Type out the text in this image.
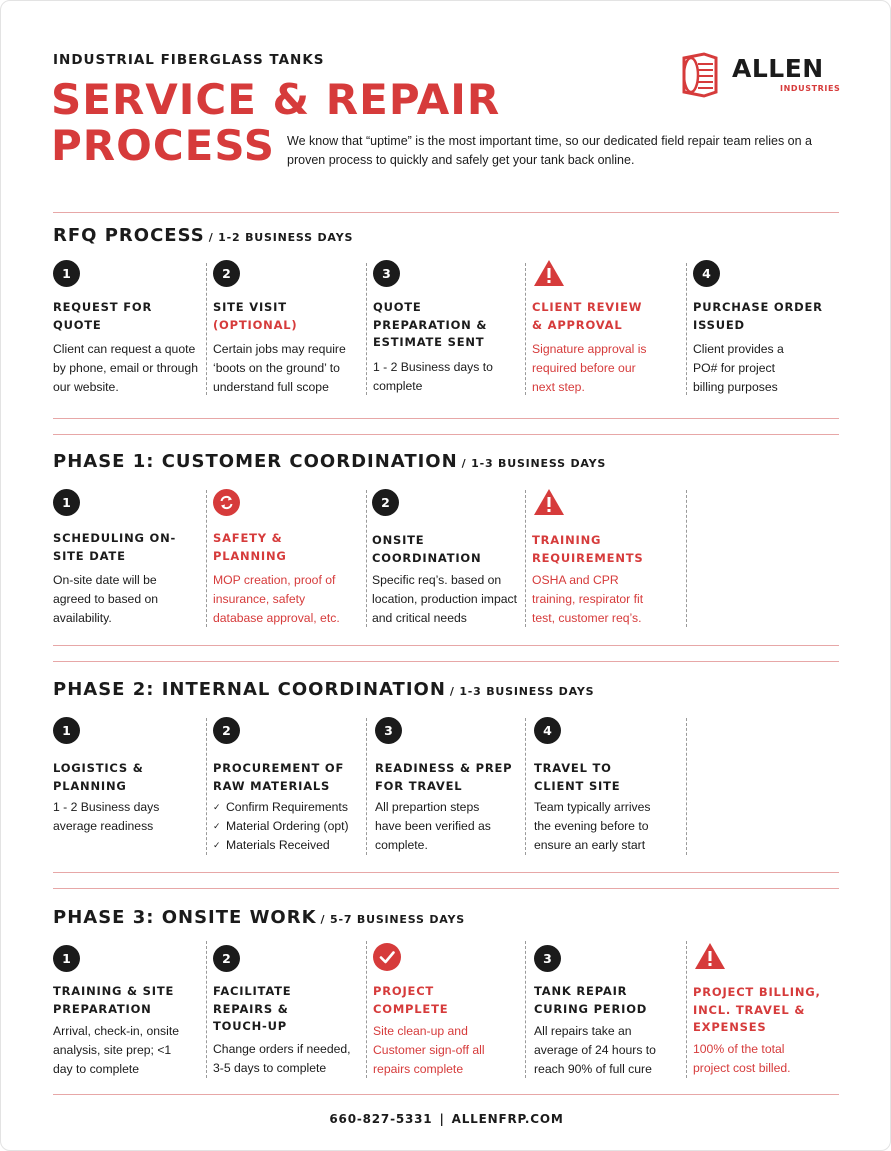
INDUSTRIAL FIBERGLASS TANKS
SERVICE & REPAIR
PROCESS We know that “uptime” is the most important time, so our dedicated field repair team relies on a proven process to quickly and safely get your tank back online.
ALLEN
INDUSTRIES
RFQ PROCESS / 1-2 BUSINESS DAYS
1
REQUEST FOR QUOTE
Client can request a quote by phone, email or through our website.
2
SITE VISIT
(OPTIONAL)
Certain jobs may require ‘boots on the ground’ to understand full scope
3
QUOTE PREPARATION & ESTIMATE SENT
1 - 2 Business days to complete
CLIENT REVIEW & APPROVAL
Signature approval is required before our next step.
4
PURCHASE ORDER ISSUED
Client provides a PO# for project billing purposes
PHASE 1: CUSTOMER COORDINATION / 1-3 BUSINESS DAYS
1
SCHEDULING ON-SITE DATE
On-site date will be agreed to based on availability.
SAFETY & PLANNING
MOP creation, proof of insurance, safety database approval, etc.
2
ONSITE COORDINATION
Specific req’s. based on location, production impact and critical needs
TRAINING REQUIREMENTS
OSHA and CPR training, respirator fit test, customer req’s.
PHASE 2: INTERNAL COORDINATION / 1-3 BUSINESS DAYS
1
LOGISTICS & PLANNING
1 - 2 Business days average readiness
2
PROCUREMENT OF RAW MATERIALS
✓ Confirm Requirements
✓ Material Ordering (opt)
✓ Materials Received
3
READINESS & PREP FOR TRAVEL
All prepartion steps have been verified as complete.
4
TRAVEL TO CLIENT SITE
Team typically arrives the evening before to ensure an early start
PHASE 3: ONSITE WORK / 5-7 BUSINESS DAYS
1
TRAINING & SITE PREPARATION
Arrival, check-in, onsite analysis, site prep; <1 day to complete
2
FACILITATE REPAIRS & TOUCH-UP
Change orders if needed, 3-5 days to complete
PROJECT COMPLETE
Site clean-up and Customer sign-off all repairs complete
3
TANK REPAIR CURING PERIOD
All repairs take an average of 24 hours to reach 90% of full cure
PROJECT BILLING, INCL. TRAVEL & EXPENSES
100% of the total project cost billed.
660-827-5331 | ALLENFRP.COM
